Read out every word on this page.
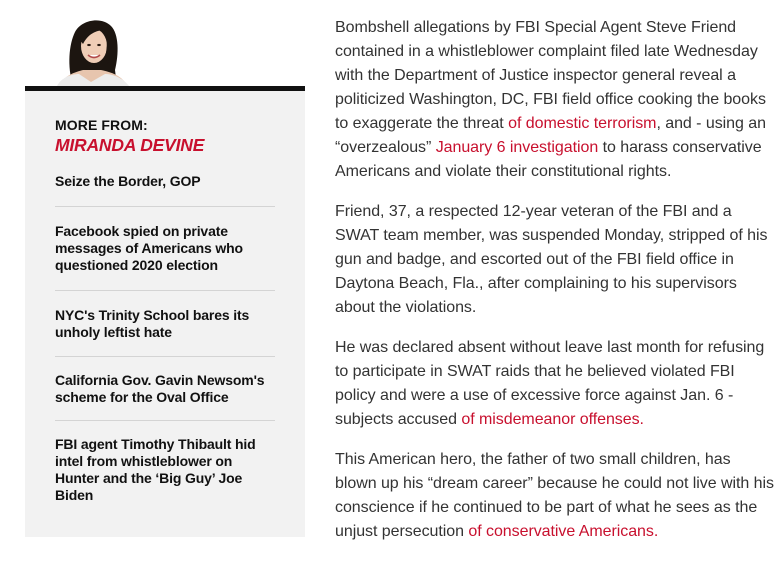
MORE FROM:
MIRANDA DEVINE
Seize the Border, GOP
Facebook spied on private messages of Americans who questioned 2020 election
NYC's Trinity School bares its unholy leftist hate
California Gov. Gavin Newsom's scheme for the Oval Office
FBI agent Timothy Thibault hid intel from whistleblower on Hunter and the ‘Big Guy’ Joe Biden

Bombshell allegations by FBI Special Agent Steve Friend contained in a whistleblower complaint filed late Wednesday with the Department of Justice inspector general reveal a politicized Washington, DC, FBI field office cooking the books to exaggerate the threat of domestic terrorism, and - using an “overzealous” January 6 investigation to harass conservative Americans and violate their constitutional rights.

Friend, 37, a respected 12-year veteran of the FBI and a SWAT team member, was suspended Monday, stripped of his gun and badge, and escorted out of the FBI field office in Daytona Beach, Fla., after complaining to his supervisors about the violations.

He was declared absent without leave last month for refusing to participate in SWAT raids that he believed violated FBI policy and were a use of excessive force against Jan. 6 - subjects accused of misdemeanor offenses.

This American hero, the father of two small children, has blown up his “dream career” because he could not live with his conscience if he continued to be part of what he sees as the unjust persecution of conservative Americans.
